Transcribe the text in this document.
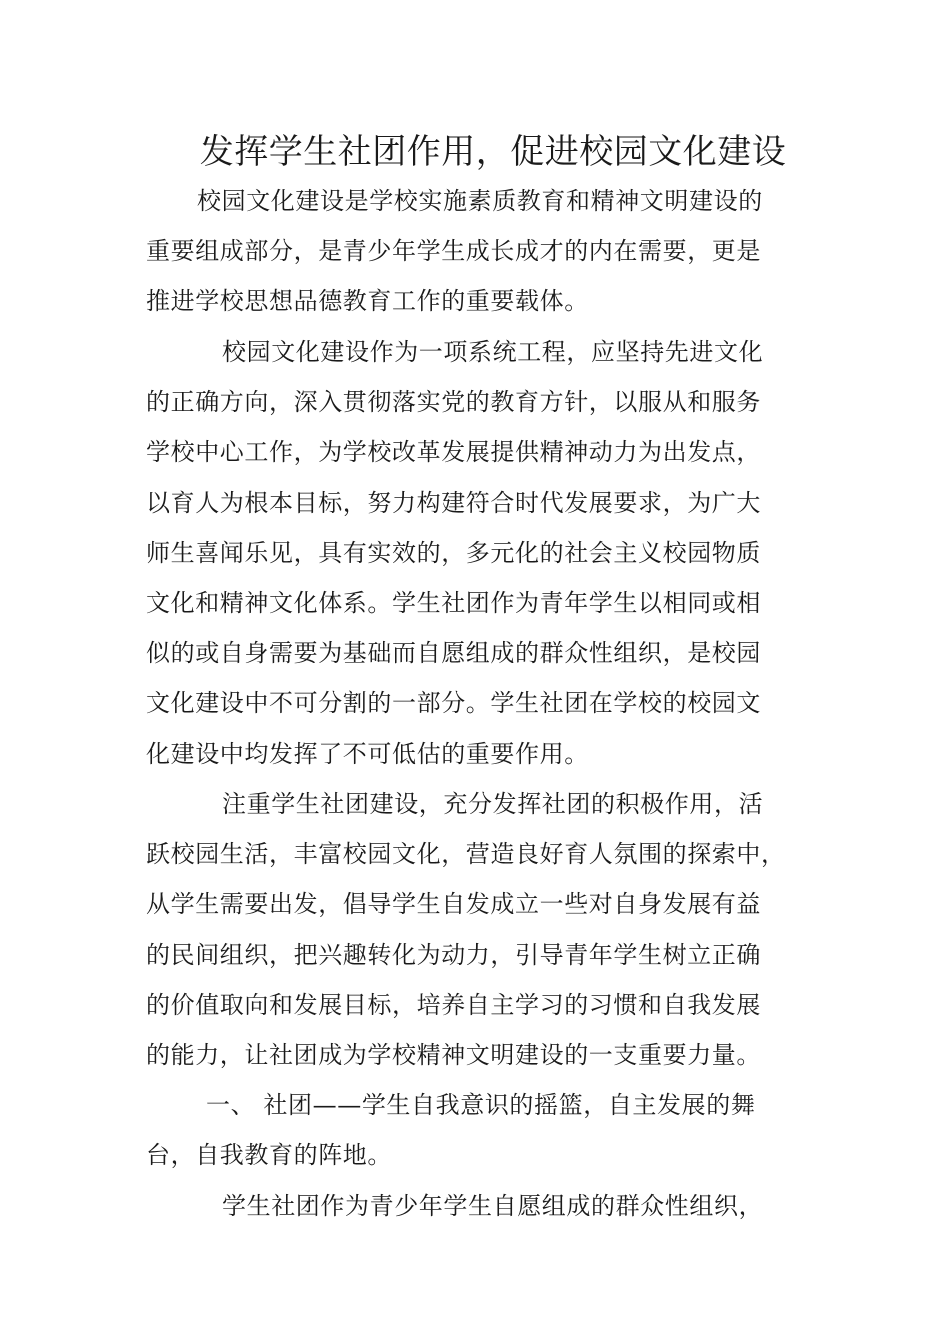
发挥学生社团作用，促进校园文化建设
校园文化建设是学校实施素质教育和精神文明建设的
重要组成部分，是青少年学生成长成才的内在需要，更是
推进学校思想品德教育工作的重要载体。
校园文化建设作为一项系统工程，应坚持先进文化
的正确方向，深入贯彻落实党的教育方针，以服从和服务
学校中心工作，为学校改革发展提供精神动力为出发点，
以育人为根本目标，努力构建符合时代发展要求，为广大
师生喜闻乐见，具有实效的，多元化的社会主义校园物质
文化和精神文化体系。学生社团作为青年学生以相同或相
似的或自身需要为基础而自愿组成的群众性组织，是校园
文化建设中不可分割的一部分。学生社团在学校的校园文
化建设中均发挥了不可低估的重要作用。
注重学生社团建设，充分发挥社团的积极作用，活
跃校园生活，丰富校园文化，营造良好育人氛围的探索中，
从学生需要出发，倡导学生自发成立一些对自身发展有益
的民间组织，把兴趣转化为动力，引导青年学生树立正确
的价值取向和发展目标，培养自主学习的习惯和自我发展
的能力，让社团成为学校精神文明建设的一支重要力量。
一、 社团——学生自我意识的摇篮，自主发展的舞
台，自我教育的阵地。
学生社团作为青少年学生自愿组成的群众性组织，
